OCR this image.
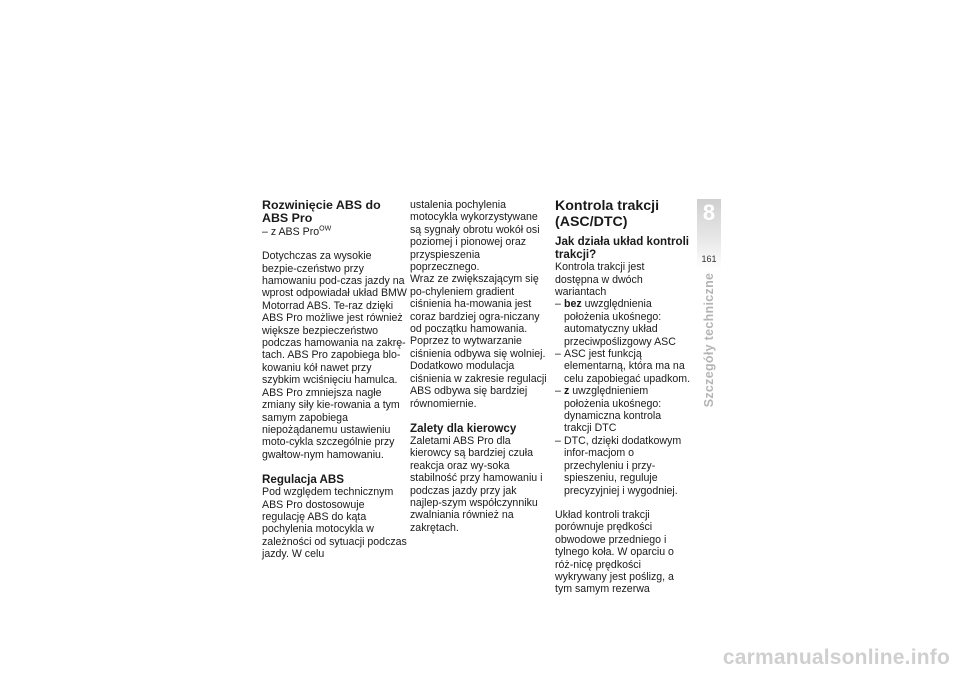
Rozwinięcie ABS do ABS Pro
– z ABS Pro$^{OW}$

Dotychczas za wysokie bezpie-czeństwo przy hamowaniu pod-czas jazdy na wprost odpowiadał układ BMW Motorrad ABS. Te-raz dzięki ABS Pro możliwe jest również większe bezpieczeństwo podczas hamowania na zakrę-tach. ABS Pro zapobiega blo-kowaniu kół nawet przy szybkim wciśnięciu hamulca. ABS Pro zmniejsza nagłe zmiany siły kie-rowania a tym samym zapobiega niepożądanemu ustawieniu moto-cykla szczególnie przy gwałtow-nym hamowaniu.

Regulacja ABS

Pod względem technicznym ABS Pro dostosowuje regulację ABS do kąta pochylenia motocykla w zależności od sytuacji podczas jazdy. W celu

ustalenia pochylenia motocykla wykorzystywane są sygnały obrotu wokół osi poziomej i pionowej oraz przyspieszenia poprzecznego.

Wraz ze zwiększającym się po-chyleniem gradient ciśnienia ha-mowania jest coraz bardziej ogra-niczany od początku hamowania. Poprzez to wytwarzanie ciśnienia odbywa się wolniej. Dodatkowo modulacja ciśnienia w zakresie regulacji ABS odbywa się bardziej równomiernie.

Zalety dla kierowcy

Zaletami ABS Pro dla kierowcy są bardziej czuła reakcja oraz wy-soka stabilność przy hamowaniu i podczas jazdy przy jak najlep-szym współczynniku zwalniania również na zakrętach.

Kontrola trakcji (ASC/DTC)
Jak działa układ kontroli trakcji?

Kontrola trakcji jest dostępna w dwóch wariantach

– bez uwzględnienia położenia ukośnego: automatyczny układ przeciwpoślizgowy ASC
– ASC jest funkcją elementarną, która ma na celu zapobiegać upadkom.
– z uwzględnieniem położenia ukośnego: dynamiczna kontrola trakcji DTC
– DTC, dzięki dodatkowym infor-macjom o przechyleniu i przy-spieszeniu, reguluje precyzyjniej i wygodniej.

Układ kontroli trakcji porównuje prędkości obwodowe przedniego i tylnego koła. W oparciu o róż-nicę prędkości wykrywany jest poślizg, a tym samym rezerwa

8
161
Szczegóły techniczne
carmanualsonline.info
